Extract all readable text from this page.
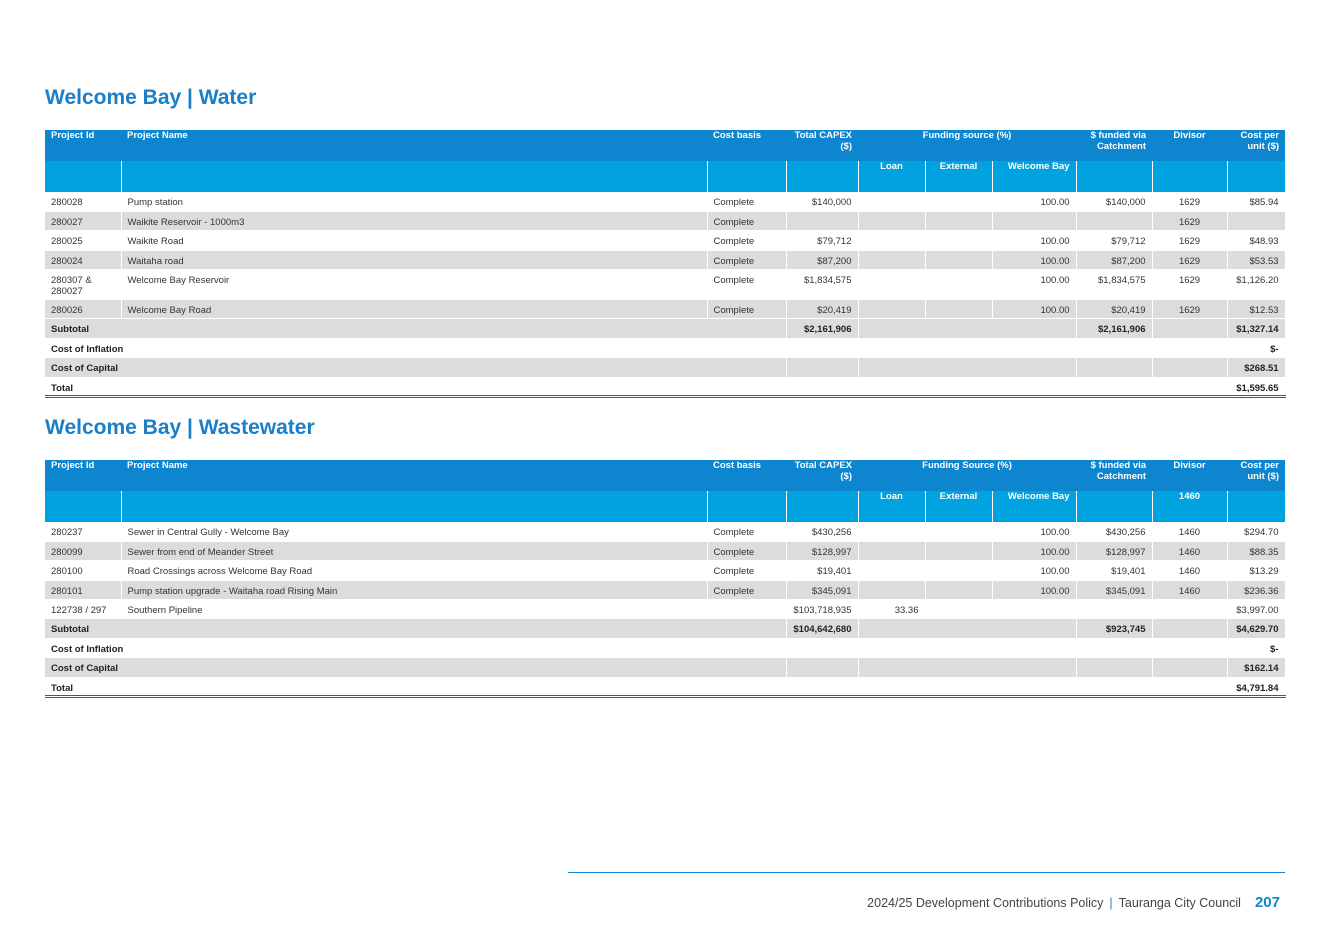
Welcome Bay | Water
Project Id	Project Name	Cost basis	Total CAPEX ($)	Funding source (%)			$ funded via Catchment	Divisor	Cost per unit ($)
				Loan	External	Welcome Bay			
280028	Pump station	Complete	$140,000			100.00	$140,000	1629	$85.94
280027	Waikite Reservoir - 1000m3	Complete						1629	
280025	Waikite Road	Complete	$79,712			100.00	$79,712	1629	$48.93
280024	Waitaha road	Complete	$87,200			100.00	$87,200	1629	$53.53
280307 & 280027	Welcome Bay Reservoir	Complete	$1,834,575			100.00	$1,834,575	1629	$1,126.20
280026	Welcome Bay Road	Complete	$20,419			100.00	$20,419	1629	$12.53
Subtotal			$2,161,906				$2,161,906		$1,327.14
Cost of Inflation									$-
Cost of Capital									$268.51
Total									$1,595.65
Welcome Bay | Wastewater
Project Id	Project Name	Cost basis	Total CAPEX ($)	Funding Source (%)			$ funded via Catchment	Divisor	Cost per unit ($)
				Loan	External	Welcome Bay		1460	
280237	Sewer in Central Gully - Welcome Bay	Complete	$430,256			100.00	$430,256	1460	$294.70
280099	Sewer from end of Meander Street	Complete	$128,997			100.00	$128,997	1460	$88.35
280100	Road Crossings across Welcome Bay Road	Complete	$19,401			100.00	$19,401	1460	$13.29
280101	Pump station upgrade - Waitaha road Rising Main	Complete	$345,091			100.00	$345,091	1460	$236.36
122738 / 297	Southern Pipeline		$103,718,935	33.36					$3,997.00
Subtotal			$104,642,680				$923,745		$4,629.70
Cost of Inflation									$-
Cost of Capital									$162.14
Total									$4,791.84
2024/25 Development Contributions Policy | Tauranga City Council 207
